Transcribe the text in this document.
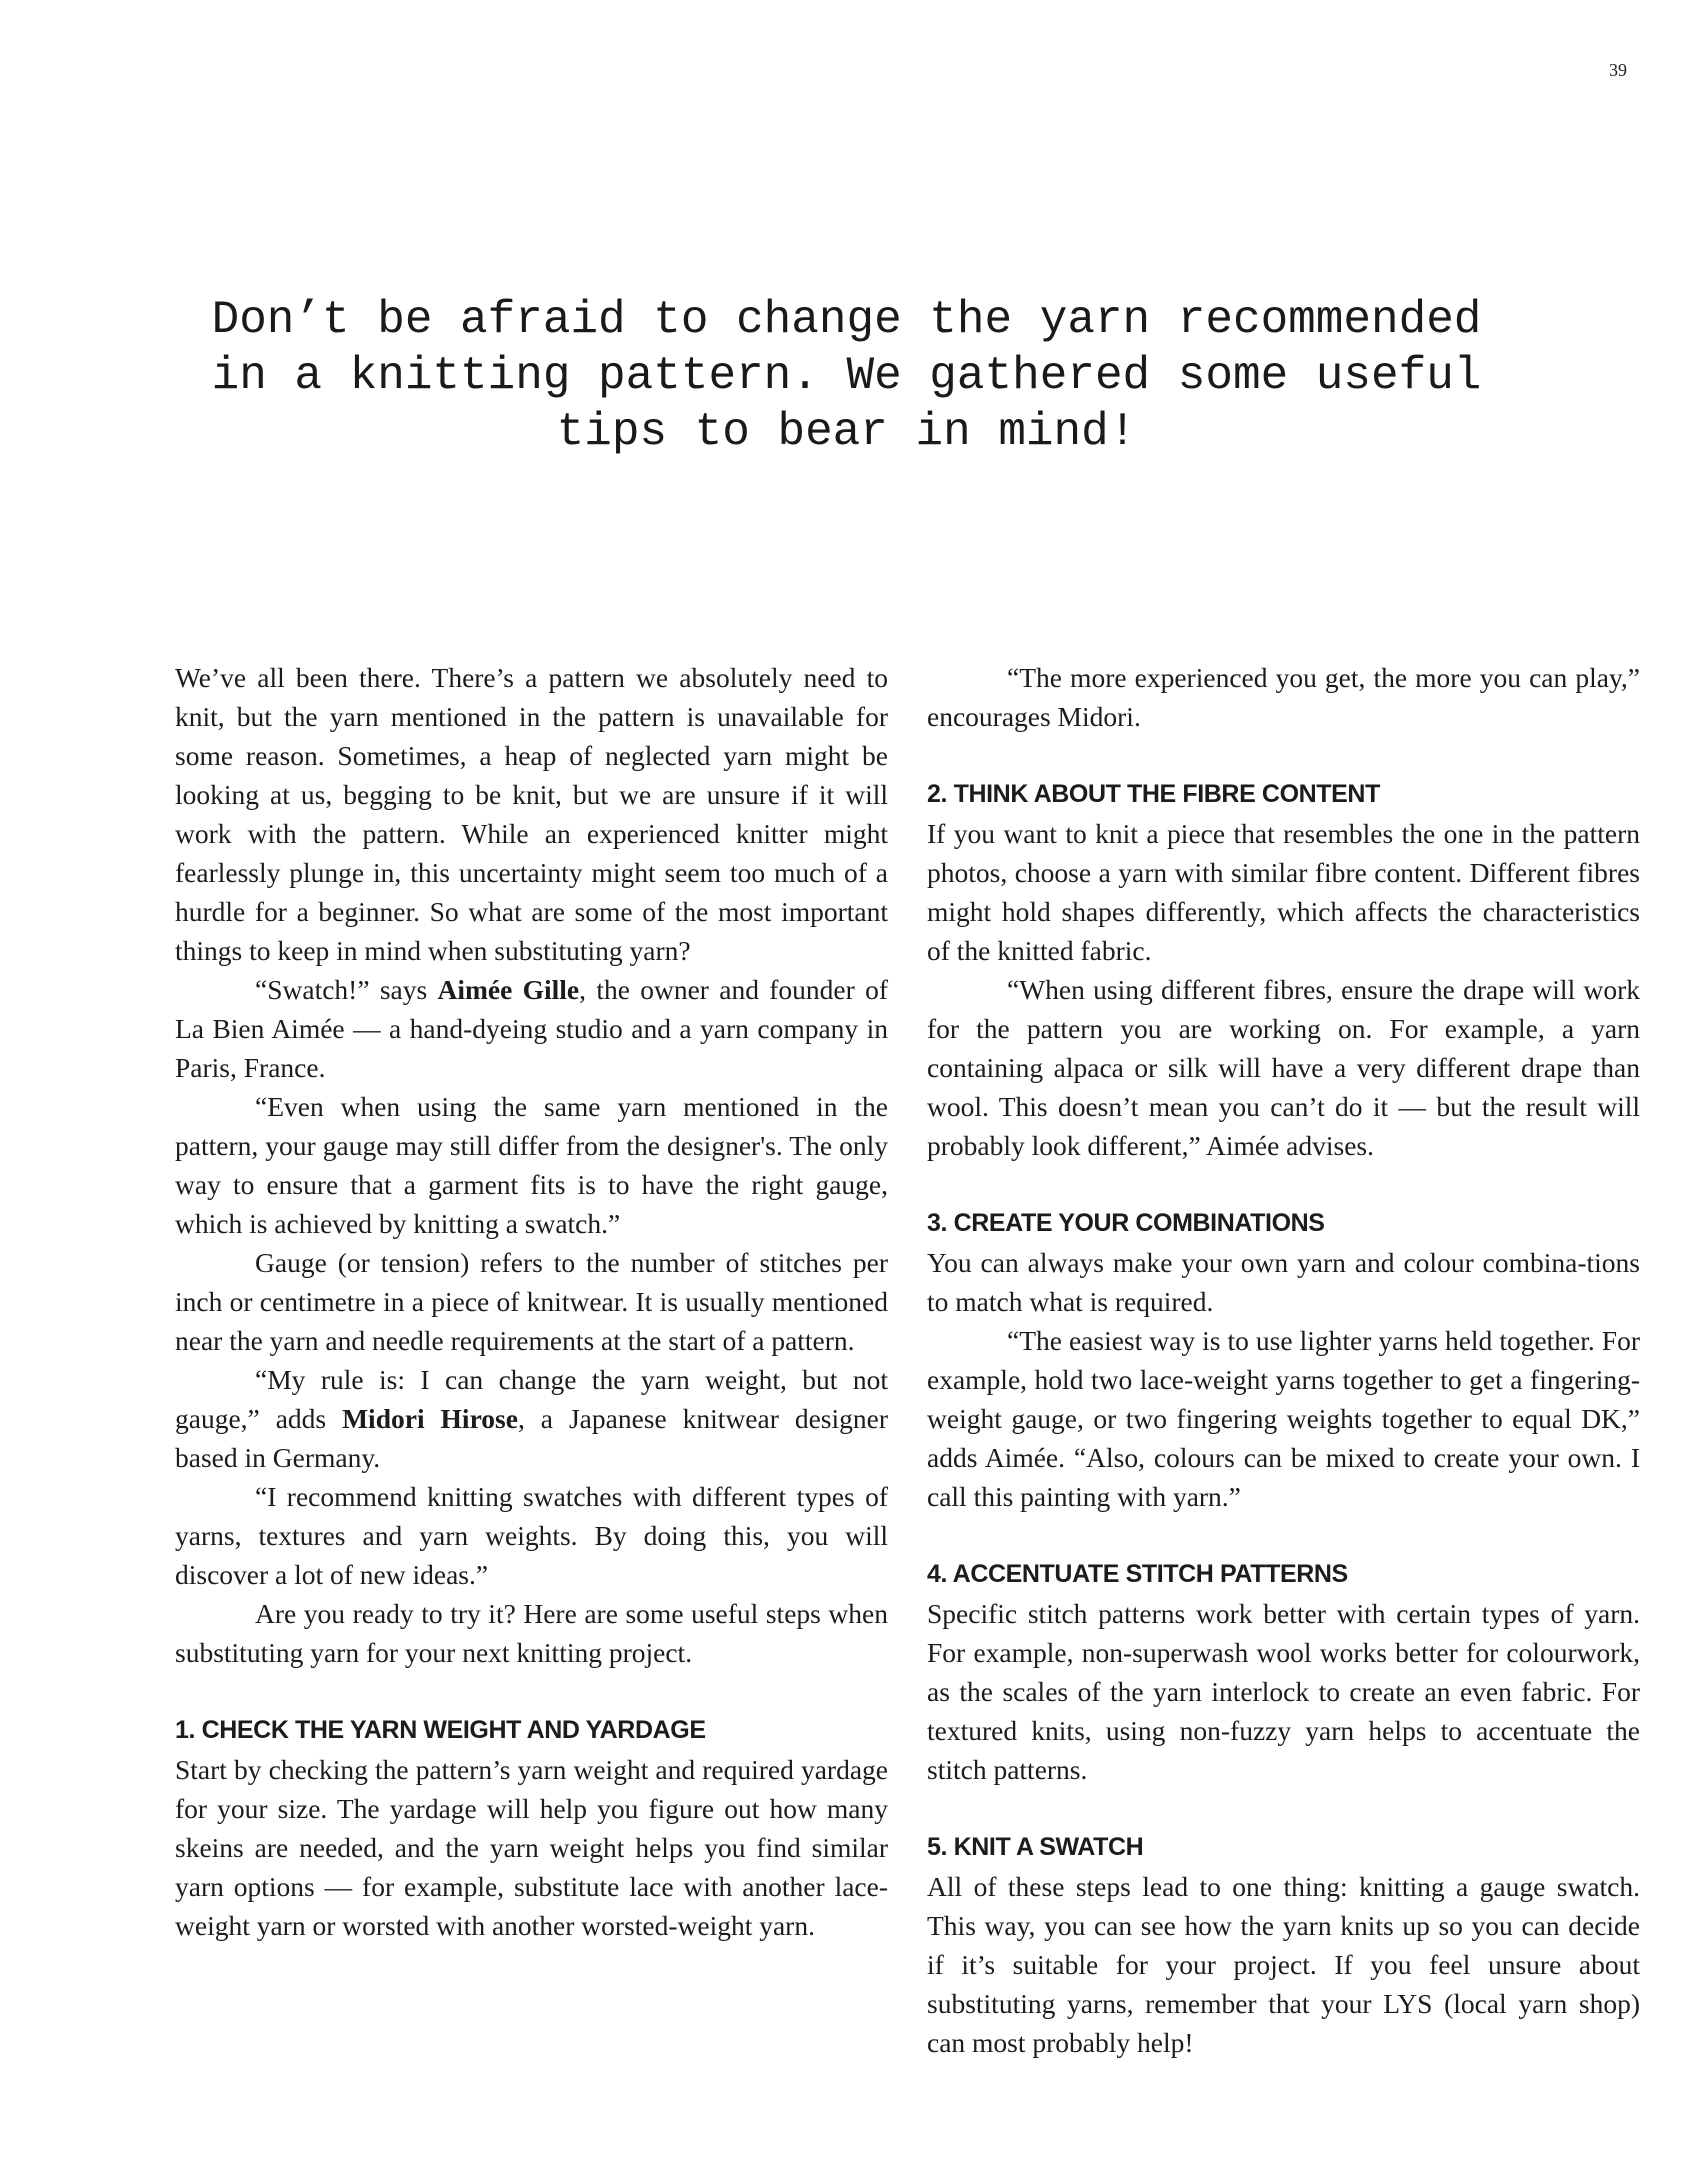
39
Don’t be afraid to change the yarn recommended in a knitting pattern. We gathered some useful tips to bear in mind!

We’ve all been there. There’s a pattern we absolutely need to knit, but the yarn mentioned in the pattern is unavailable for some reason. Sometimes, a heap of neglected yarn might be looking at us, begging to be knit, but we are unsure if it will work with the pattern. While an experienced knitter might fearlessly plunge in, this uncertainty might seem too much of a hurdle for a beginner. So what are some of the most important things to keep in mind when substituting yarn?

“Swatch!” says Aimée Gille, the owner and founder of La Bien Aimée — a hand-dyeing studio and a yarn company in Paris, France.

“Even when using the same yarn mentioned in the pattern, your gauge may still differ from the designer's. The only way to ensure that a garment fits is to have the right gauge, which is achieved by knitting a swatch.”

Gauge (or tension) refers to the number of stitches per inch or centimetre in a piece of knitwear. It is usually mentioned near the yarn and needle requirements at the start of a pattern.

“My rule is: I can change the yarn weight, but not gauge,” adds Midori Hirose, a Japanese knitwear designer based in Germany.

“I recommend knitting swatches with different types of yarns, textures and yarn weights. By doing this, you will discover a lot of new ideas.”

Are you ready to try it? Here are some useful steps when substituting yarn for your next knitting project.

1. CHECK THE YARN WEIGHT AND YARDAGE

Start by checking the pattern’s yarn weight and required yardage for your size. The yardage will help you figure out how many skeins are needed, and the yarn weight helps you find similar yarn options — for example, substitute lace with another lace-weight yarn or worsted with another worsted-weight yarn.

“The more experienced you get, the more you can play,” encourages Midori.

2. THINK ABOUT THE FIBRE CONTENT

If you want to knit a piece that resembles the one in the pattern photos, choose a yarn with similar fibre content. Different fibres might hold shapes differently, which affects the characteristics of the knitted fabric.

“When using different fibres, ensure the drape will work for the pattern you are working on. For example, a yarn containing alpaca or silk will have a very different drape than wool. This doesn’t mean you can’t do it — but the result will probably look different,” Aimée advises.

3. CREATE YOUR COMBINATIONS

You can always make your own yarn and colour combina-tions to match what is required.

“The easiest way is to use lighter yarns held together. For example, hold two lace-weight yarns together to get a fingering-weight gauge, or two fingering weights together to equal DK,” adds Aimée. “Also, colours can be mixed to create your own. I call this painting with yarn.”

4. ACCENTUATE STITCH PATTERNS

Specific stitch patterns work better with certain types of yarn. For example, non-superwash wool works better for colourwork, as the scales of the yarn interlock to create an even fabric. For textured knits, using non-fuzzy yarn helps to accentuate the stitch patterns.

5. KNIT A SWATCH

All of these steps lead to one thing: knitting a gauge swatch. This way, you can see how the yarn knits up so you can decide if it’s suitable for your project. If you feel unsure about substituting yarns, remember that your LYS (local yarn shop) can most probably help!
